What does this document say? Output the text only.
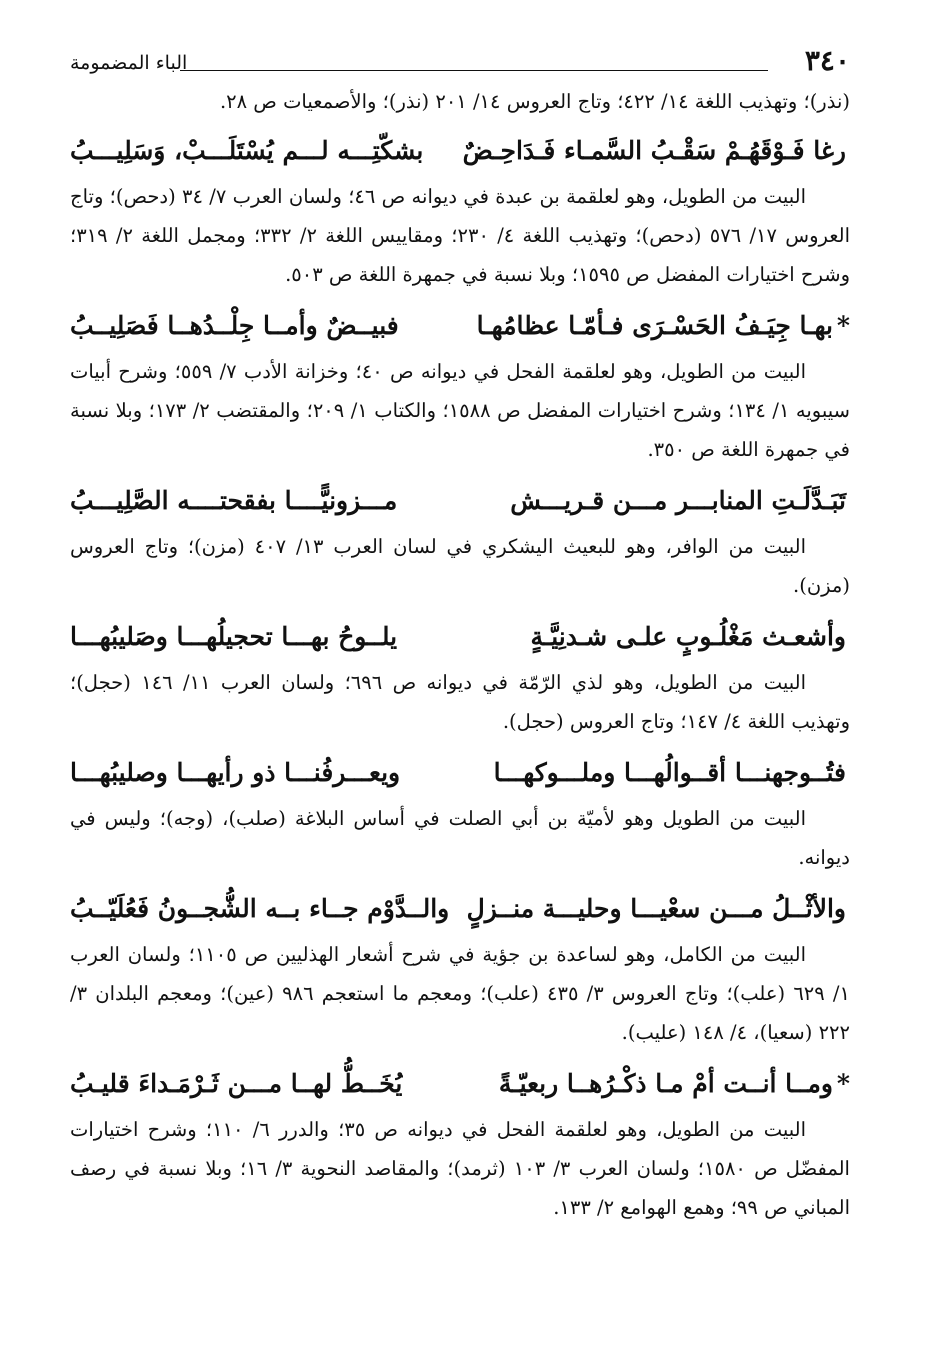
٣٤٠
الباء المضمومة

(نذر)؛ وتهذيب اللغة ١٤/ ٤٢٢؛ وتاج العروس ١٤/ ٢٠١ (نذر)؛ والأصمعيات ص ٢٨.

رغا فَـوْقَهُـمْ سَقْـبُ السَّمـاء فَـدَاحِـضٌ
بشكّتِـــه لـــم يُسْتَلَـــبْ، وَسَلِيـــبُ

البيت من الطويل، وهو لعلقمة بن عبدة في ديوانه ص ٤٦؛ ولسان العرب ٧/ ٣٤ (دحص)؛ وتاج العروس ١٧/ ٥٧٦ (دحص)؛ وتهذيب اللغة ٤/ ٢٣٠؛ ومقاييس اللغة ٢/ ٣٣٢؛ ومجمل اللغة ٢/ ٣١٩؛ وشرح اختيارات المفضل ص ١٥٩٥؛ وبلا نسبة في جمهرة اللغة ص ٥٠٣.

*بهـا جِيَـفُ الحَسْـرَى فـأمّـا عظامُهـا
فبيــضٌ وأمــا جِلْــدُهــا فَصَلِيــبُ

البيت من الطويل، وهو لعلقمة الفحل في ديوانه ص ٤٠؛ وخزانة الأدب ٧/ ٥٥٩؛ وشرح أبيات سيبويه ١/ ١٣٤؛ وشرح اختيارات المفضل ص ١٥٨٨؛ والكتاب ١/ ٢٠٩؛ والمقتضب ٢/ ١٧٣؛ وبلا نسبة في جمهرة اللغة ص ٣٥٠.

تَبَـدَّلَـتِ المنابـــر مـــن قـريـــش
مـــزونيًّــــا بفقحتــــه الصَّلِيـــبُ

البيت من الوافر، وهو للبعيث اليشكري في لسان العرب ١٣/ ٤٠٧ (مزن)؛ وتاج العروس (مزن).

وأشعـث مَغْلُـوبٍ علـى شـدنِيَّـةٍ
يلــوحُ بهـــا تحجيلُهـــا وصَليبُهـــا

البيت من الطويل، وهو لذي الرّمّة في ديوانه ص ٦٩٦؛ ولسان العرب ١١/ ١٤٦ (حجل)؛ وتهذيب اللغة ٤/ ١٤٧؛ وتاج العروس (حجل).

فتُــوجهنـــا أقــوالُهـــا وملـــوكهـــا
ويعـــرفُنـــا ذو رأيهـــا وصليبُهـــا

البيت من الطويل وهو لأميّة بن أبي الصلت في أساس البلاغة (صلب)، (وجه)؛ وليس في ديوانه.

والأثْــلُ مـــن سعْيـــا وحليـــة منــزلٍ
والــدَّوْم جــاء بــه الشُّجــونُ فَعُلَيّــبُ

البيت من الكامل، وهو لساعدة بن جؤية في شرح أشعار الهذليين ص ١١٠٥؛ ولسان العرب ١/ ٦٢٩ (علب)؛ وتاج العروس ٣/ ٤٣٥ (علب)؛ ومعجم ما استعجم ٩٨٦ (عين)؛ ومعجم البلدان ٣/ ٢٢٢ (سعيا)، ٤/ ١٤٨ (عليب).

*ومــا أنــت أمْ مـا ذكْـرُهــا ربعيّـةً
يُخَــطُّ لهــا مـــن ثَـرْمَـداءَ قليـبُ

البيت من الطويل، وهو لعلقمة الفحل في ديوانه ص ٣٥؛ والدرر ٦/ ١١٠؛ وشرح اختيارات المفضّل ص ١٥٨٠؛ ولسان العرب ٣/ ١٠٣ (ثرمد)؛ والمقاصد النحوية ٣/ ١٦؛ وبلا نسبة في رصف المباني ص ٩٩؛ وهمع الهوامع ٢/ ١٣٣.
